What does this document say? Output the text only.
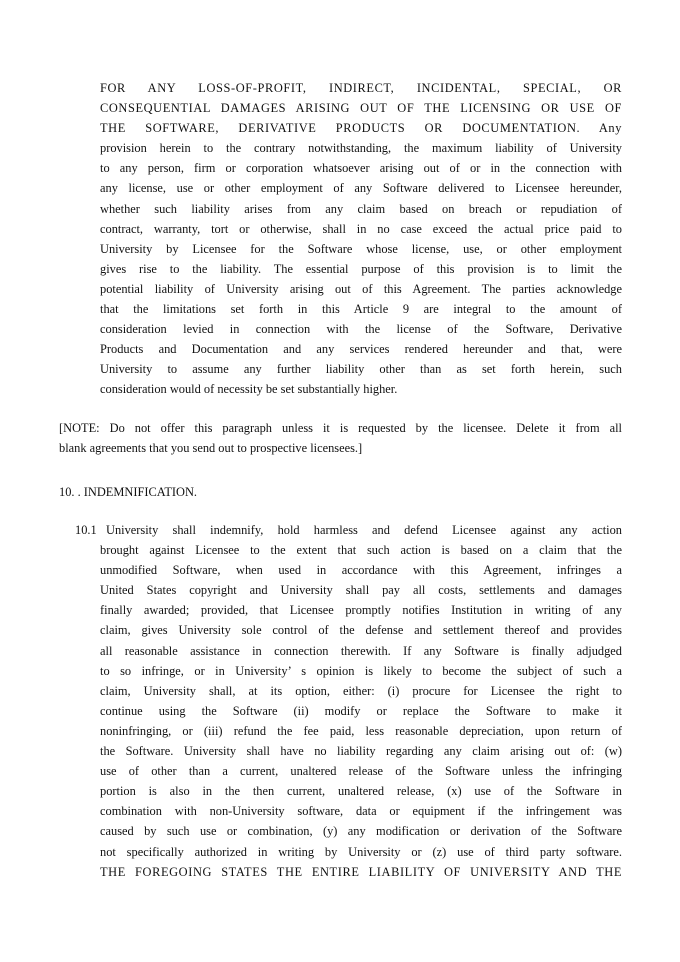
FOR ANY LOSS-OF-PROFIT, INDIRECT, INCIDENTAL, SPECIAL, OR
CONSEQUENTIAL DAMAGES ARISING OUT OF THE LICENSING OR USE OF
THE SOFTWARE, DERIVATIVE PRODUCTS OR DOCUMENTATION. Any
provision herein to the contrary notwithstanding, the maximum liability of University
to any person, firm or corporation whatsoever arising out of or in the connection with
any license, use or other employment of any Software delivered to Licensee hereunder,
whether such liability arises from any claim based on breach or repudiation of
contract, warranty, tort or otherwise, shall in no case exceed the actual price paid to
University by Licensee for the Software whose license, use, or other employment
gives rise to the liability. The essential purpose of this provision is to limit the
potential liability of University arising out of this Agreement. The parties acknowledge
that the limitations set forth in this Article 9 are integral to the amount of
consideration levied in connection with the license of the Software, Derivative
Products and Documentation and any services rendered hereunder and that, were
University to assume any further liability other than as set forth herein, such
consideration would of necessity be set substantially higher.
[NOTE: Do not offer this paragraph unless it is requested by the licensee. Delete it from all
blank agreements that you send out to prospective licensees.]
10. . INDEMNIFICATION.
10.1 University shall indemnify, hold harmless and defend Licensee against any action
brought against Licensee to the extent that such action is based on a claim that the
unmodified Software, when used in accordance with this Agreement, infringes a
United States copyright and University shall pay all costs, settlements and damages
finally awarded; provided, that Licensee promptly notifies Institution in writing of any
claim, gives University sole control of the defense and settlement thereof and provides
all reasonable assistance in connection therewith. If any Software is finally adjudged
to so infringe, or in University’ s opinion is likely to become the subject of such a
claim, University shall, at its option, either: (i) procure for Licensee the right to
continue using the Software (ii) modify or replace the Software to make it
noninfringing, or (iii) refund the fee paid, less reasonable depreciation, upon return of
the Software. University shall have no liability regarding any claim arising out of: (w)
use of other than a current, unaltered release of the Software unless the infringing
portion is also in the then current, unaltered release, (x) use of the Software in
combination with non-University software, data or equipment if the infringement was
caused by such use or combination, (y) any modification or derivation of the Software
not specifically authorized in writing by University or (z) use of third party software.
THE FOREGOING STATES THE ENTIRE LIABILITY OF UNIVERSITY AND THE
